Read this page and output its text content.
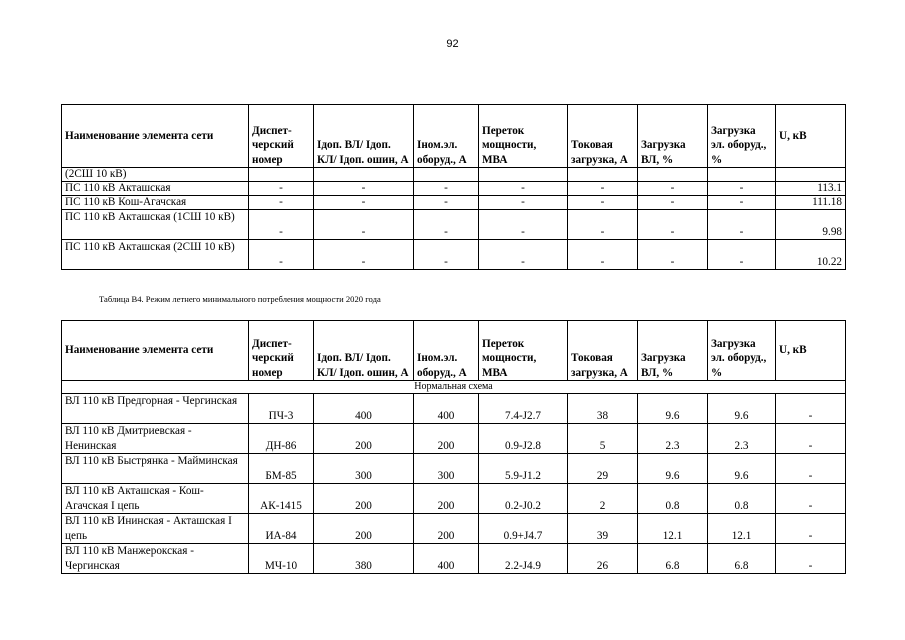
92
Наименование элемента сети	Диспет-черский номер	Iдоп. ВЛ/ Iдоп. КЛ/ Iдоп. ошин, А	Iном.эл. оборуд., А	Переток мощности, МВА	Токовая загрузка, А	Загрузка ВЛ, %	Загрузка эл. оборуд., %	U, кВ
(2СШ 10 кВ)								
ПС 110 кВ Акташская	-	-	-	-	-	-	-	113.1
ПС 110 кВ Кош-Агачская	-	-	-	-	-	-	-	111.18
ПС 110 кВ Акташская (1СШ 10 кВ)	-	-	-	-	-	-	-	9.98
ПС 110 кВ Акташская (2СШ 10 кВ)	-	-	-	-	-	-	-	10.22
Таблица В4. Режим летнего минимального потребления мощности 2020 года
Наименование элемента сети	Диспет-черский номер	Iдоп. ВЛ/ Iдоп. КЛ/ Iдоп. ошин, А	Iном.эл. оборуд., А	Переток мощности, МВА	Токовая загрузка, А	Загрузка ВЛ, %	Загрузка эл. оборуд., %	U, кВ
Нормальная схема								
ВЛ 110 кВ Предгорная - Чергинская	ПЧ-3	400	400	7.4-J2.7	38	9.6	9.6	-
ВЛ 110 кВ Дмитриевская - Ненинская	ДН-86	200	200	0.9-J2.8	5	2.3	2.3	-
ВЛ 110 кВ Быстрянка - Майминская	БМ-85	300	300	5.9-J1.2	29	9.6	9.6	-
ВЛ 110 кВ Акташская - Кош-Агачская I цепь	АК-1415	200	200	0.2-J0.2	2	0.8	0.8	-
ВЛ 110 кВ Ининская - Акташская I цепь	ИА-84	200	200	0.9+J4.7	39	12.1	12.1	-
ВЛ 110 кВ Манжерокская - Чергинская	МЧ-10	380	400	2.2-J4.9	26	6.8	6.8	-
